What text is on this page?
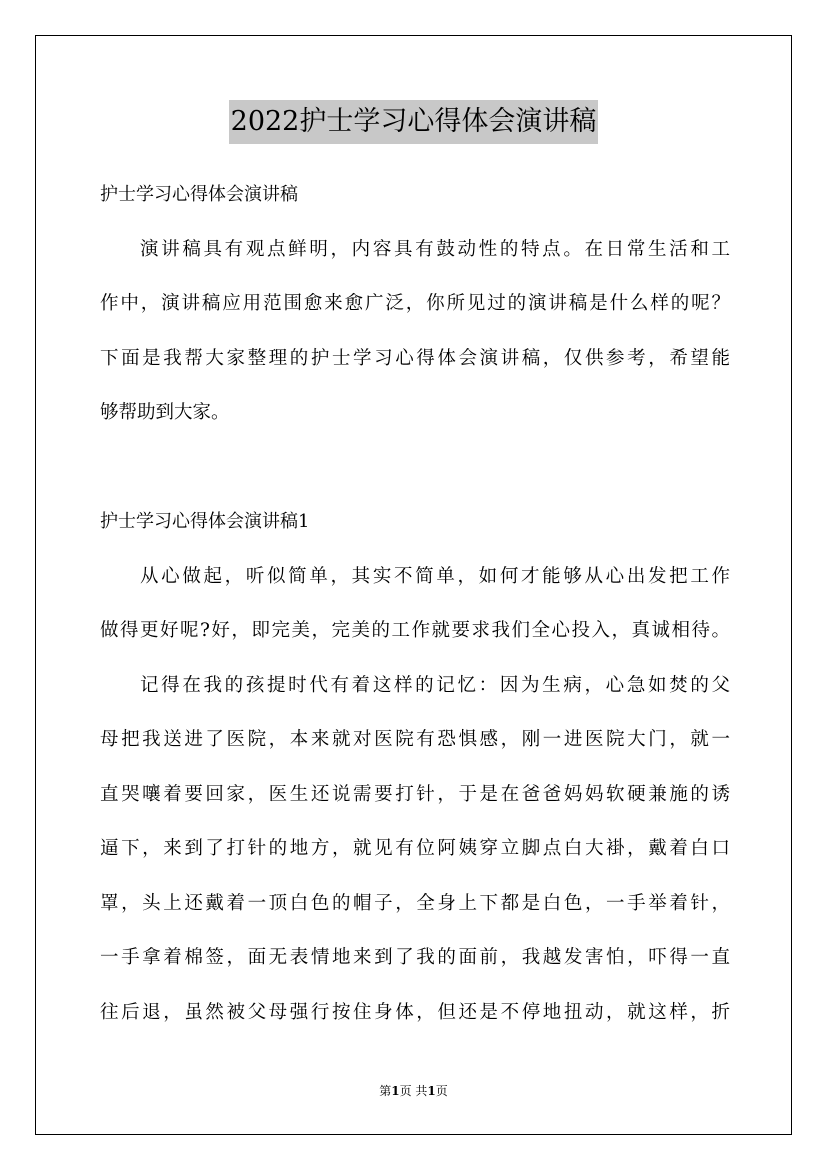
2022护士学习心得体会演讲稿
护士学习心得体会演讲稿
演讲稿具有观点鲜明，内容具有鼓动性的特点。在日常生活和工
作中，演讲稿应用范围愈来愈广泛，你所见过的演讲稿是什么样的呢？
下面是我帮大家整理的护士学习心得体会演讲稿，仅供参考，希望能
够帮助到大家。
护士学习心得体会演讲稿1
从心做起，听似简单，其实不简单，如何才能够从心出发把工作
做得更好呢?好，即完美，完美的工作就要求我们全心投入，真诚相待。
记得在我的孩提时代有着这样的记忆：因为生病，心急如焚的父
母把我送进了医院，本来就对医院有恐惧感，刚一进医院大门，就一
直哭嚷着要回家，医生还说需要打针，于是在爸爸妈妈软硬兼施的诱
逼下，来到了打针的地方，就见有位阿姨穿立脚点白大褂，戴着白口
罩，头上还戴着一顶白色的帽子，全身上下都是白色，一手举着针，
一手拿着棉签，面无表情地来到了我的面前，我越发害怕，吓得一直
往后退，虽然被父母强行按住身体，但还是不停地扭动，就这样，折
第1页 共1页
